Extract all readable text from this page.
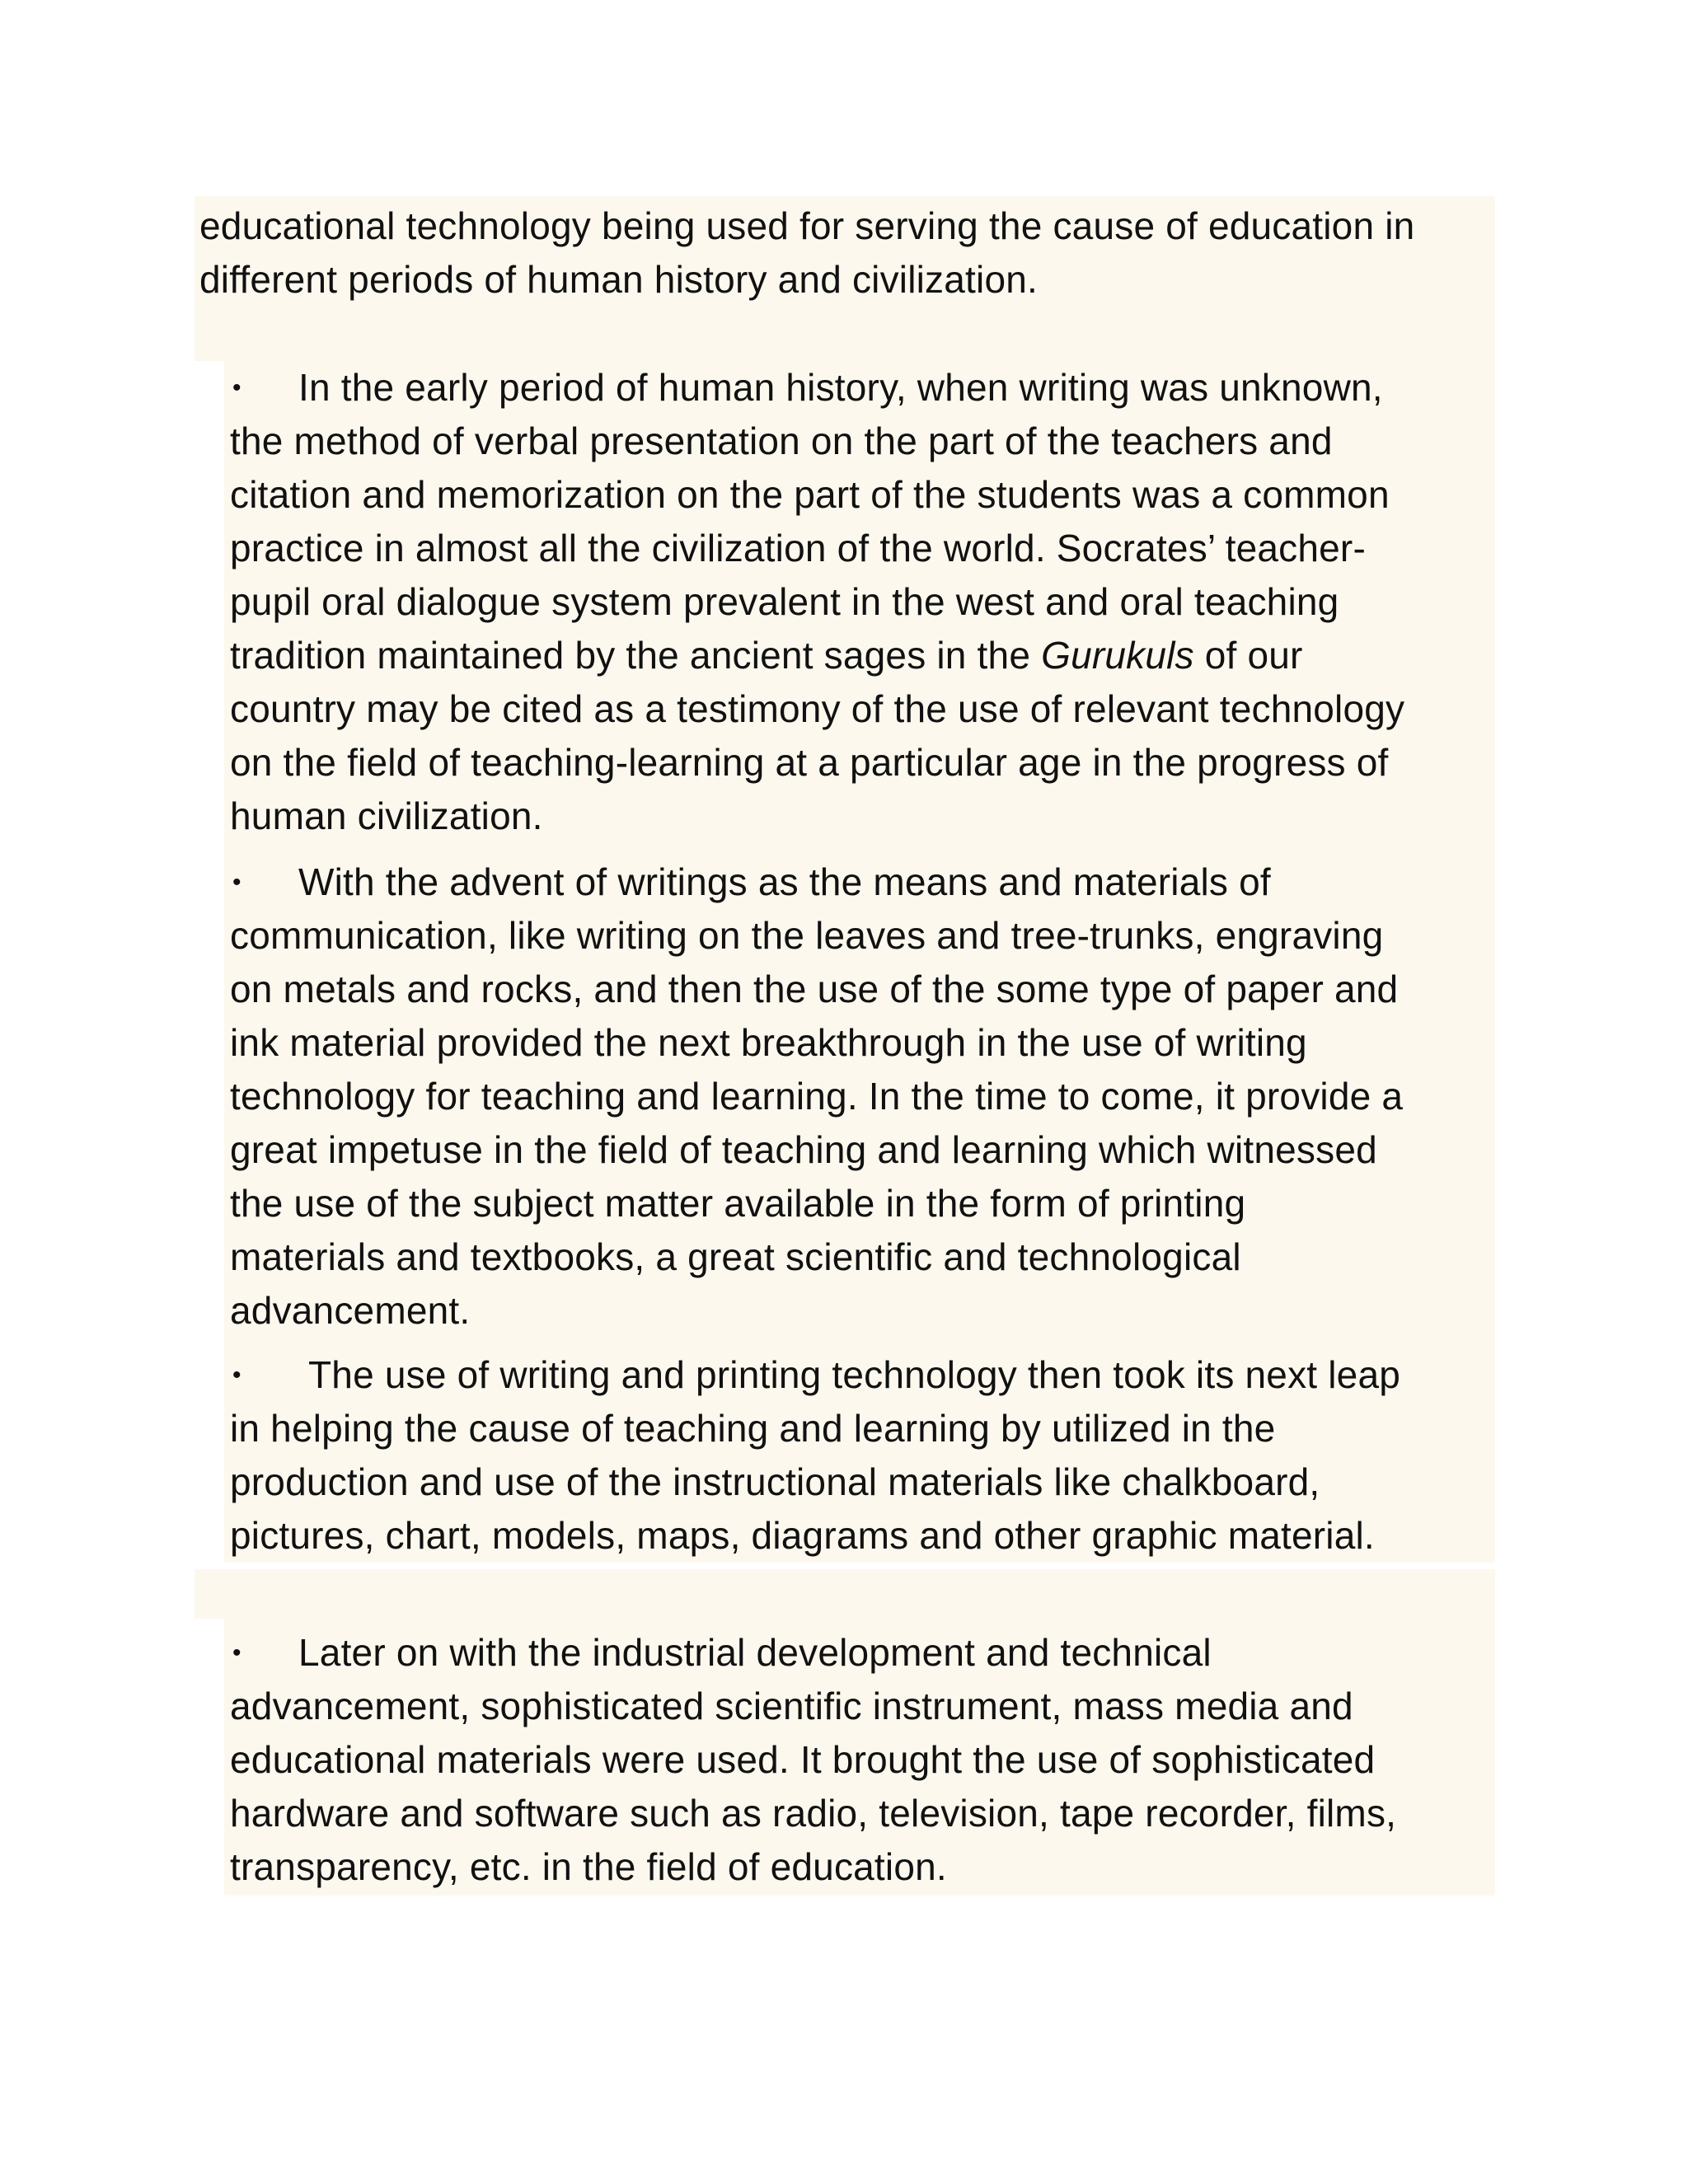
educational technology being used for serving the cause of education in
different periods of human history and civilization.
• In the early period of human history, when writing was unknown,
the method of verbal presentation on the part of the teachers and
citation and memorization on the part of the students was a common
practice in almost all the civilization of the world. Socrates’ teacher-
pupil oral dialogue system prevalent in the west and oral teaching
tradition maintained by the ancient sages in the Gurukuls of our
country may be cited as a testimony of the use of relevant technology
on the field of teaching-learning at a particular age in the progress of
human civilization.
• With the advent of writings as the means and materials of
communication, like writing on the leaves and tree-trunks, engraving
on metals and rocks, and then the use of the some type of paper and
ink material provided the next breakthrough in the use of writing
technology for teaching and learning. In the time to come, it provide a
great impetuse in the field of teaching and learning which witnessed
the use of the subject matter available in the form of printing
materials and textbooks, a great scientific and technological
advancement.
• The use of writing and printing technology then took its next leap
in helping the cause of teaching and learning by utilized in the
production and use of the instructional materials like chalkboard,
pictures, chart, models, maps, diagrams and other graphic material.
• Later on with the industrial development and technical
advancement, sophisticated scientific instrument, mass media and
educational materials were used. It brought the use of sophisticated
hardware and software such as radio, television, tape recorder, films,
transparency, etc. in the field of education.
